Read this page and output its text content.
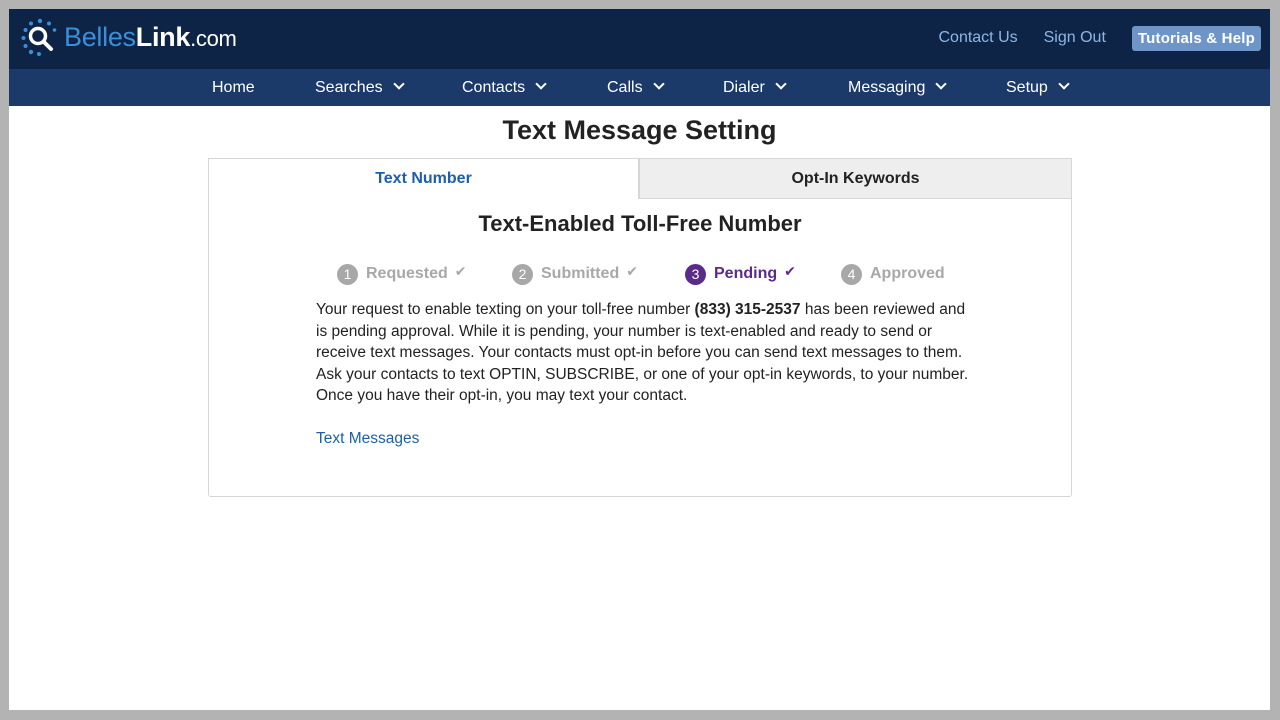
BellesLink.com	Contact Us Sign Out	Tutorials & Help
Home	Searches	Contacts	Calls	Dialer	Messaging	Setup
Text Message Setting
Text Number	Opt-In Keywords
Text-Enabled Toll-Free Number
1 Requested ✔	2 Submitted ✔	3 Pending ✔	4 Approved

Your request to enable texting on your toll-free number (833) 315-2537 has been reviewed and is pending approval. While it is pending, your number is text-enabled and ready to send or receive text messages. Your contacts must opt-in before you can send text messages to them. Ask your contacts to text OPTIN, SUBSCRIBE, or one of your opt-in keywords, to your number. Once you have their opt-in, you may text your contact.

Text Messages
